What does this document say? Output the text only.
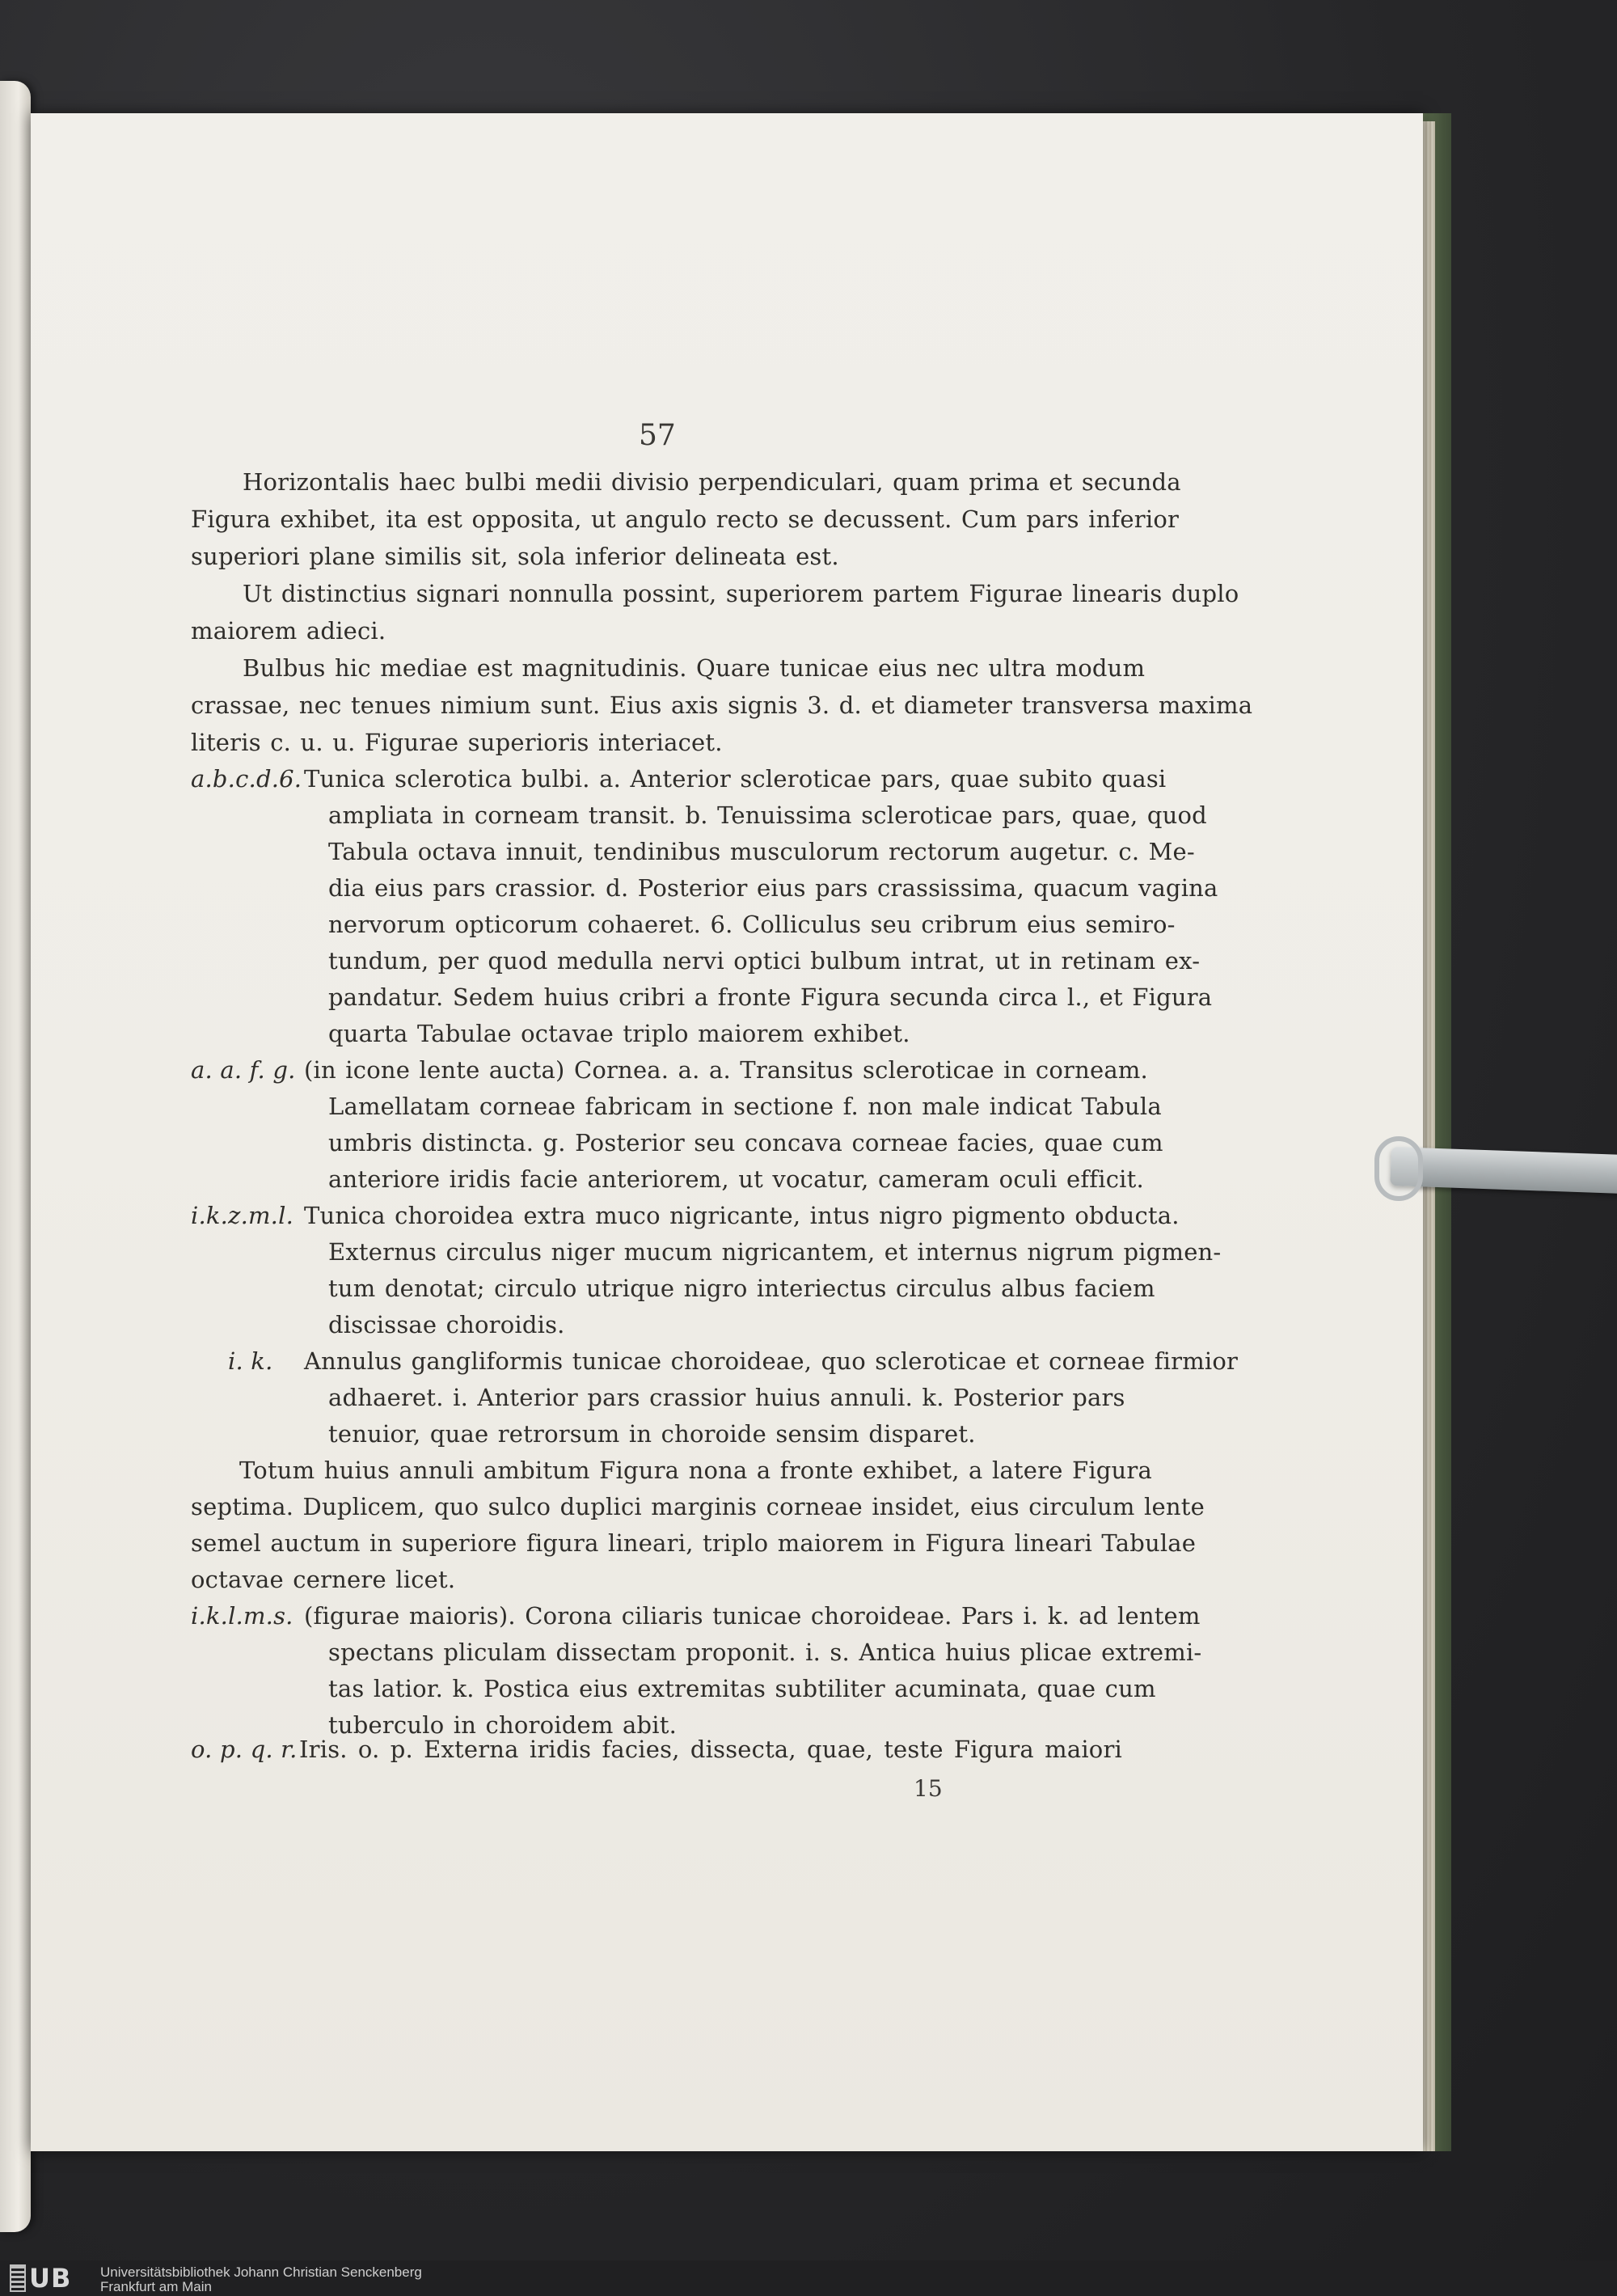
57
Horizontalis haec bulbi medii divisio perpendiculari, quam prima et secunda
Figura exhibet, ita est opposita, ut angulo recto se decussent. Cum pars inferior
superiori plane similis sit, sola inferior delineata est.
Ut distinctius signari nonnulla possint, superiorem partem Figurae linearis duplo
maiorem adieci.
Bulbus hic mediae est magnitudinis. Quare tunicae eius nec ultra modum
crassae, nec tenues nimium sunt. Eius axis signis 3. d. et diameter transversa maxima
literis c. u. u. Figurae superioris interiacet.
a.b.c.d.6. Tunica sclerotica bulbi. a. Anterior scleroticae pars, quae subito quasi
ampliata in corneam transit. b. Tenuissima scleroticae pars, quae, quod
Tabula octava innuit, tendinibus musculorum rectorum augetur. c. Me-
dia eius pars crassior. d. Posterior eius pars crassissima, quacum vagina
nervorum opticorum cohaeret. 6. Colliculus seu cribrum eius semiro-
tundum, per quod medulla nervi optici bulbum intrat, ut in retinam ex-
pandatur. Sedem huius cribri a fronte Figura secunda circa l., et Figura
quarta Tabulae octavae triplo maiorem exhibet.
a. a. f. g. (in icone lente aucta) Cornea. a. a. Transitus scleroticae in corneam.
Lamellatam corneae fabricam in sectione f. non male indicat Tabula
umbris distincta. g. Posterior seu concava corneae facies, quae cum
anteriore iridis facie anteriorem, ut vocatur, cameram oculi efficit.
i.k.z.m.l. Tunica choroidea extra muco nigricante, intus nigro pigmento obducta.
Externus circulus niger mucum nigricantem, et internus nigrum pigmen-
tum denotat; circulo utrique nigro interiectus circulus albus faciem
discissae choroidis.
i. k. Annulus gangliformis tunicae choroideae, quo scleroticae et corneae firmior
adhaeret. i. Anterior pars crassior huius annuli. k. Posterior pars
tenuior, quae retrorsum in choroide sensim disparet.
Totum huius annuli ambitum Figura nona a fronte exhibet, a latere Figura
septima. Duplicem, quo sulco duplici marginis corneae insidet, eius circulum lente
semel auctum in superiore figura lineari, triplo maiorem in Figura lineari Tabulae
octavae cernere licet.
i.k.l.m.s. (figurae maioris). Corona ciliaris tunicae choroideae. Pars i. k. ad lentem
spectans pliculam dissectam proponit. i. s. Antica huius plicae extremi-
tas latior. k. Postica eius extremitas subtiliter acuminata, quae cum
tuberculo in choroidem abit.
o. p. q. r. Iris. o. p. Externa iridis facies, dissecta, quae, teste Figura maiori
15
UB Universitätsbibliothek Johann Christian Senckenberg
Frankfurt am Main
